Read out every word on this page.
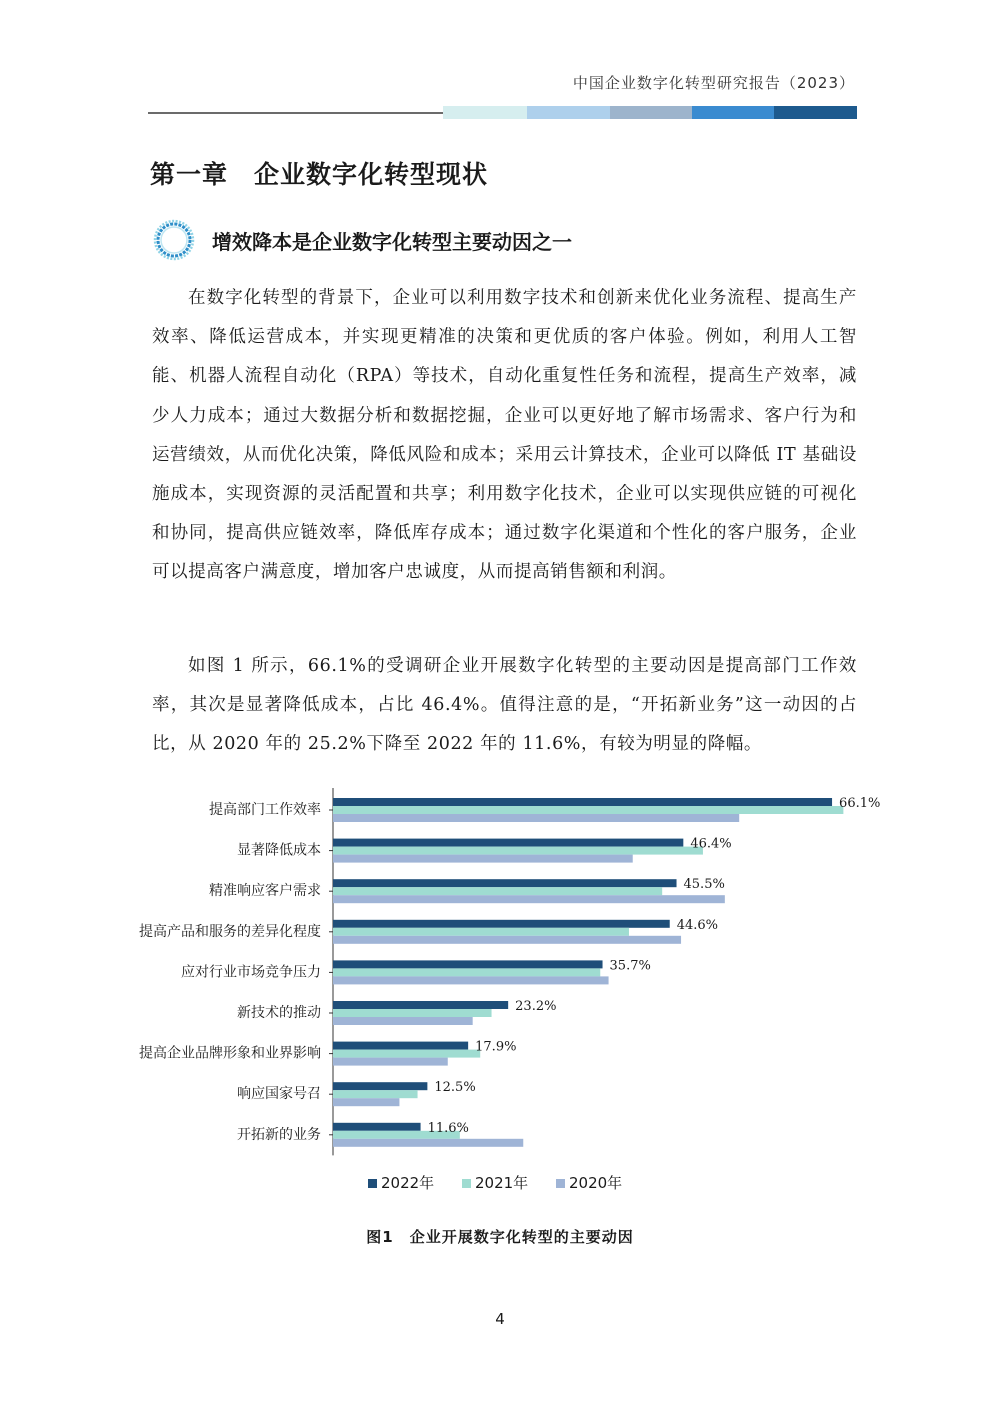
中国企业数字化转型研究报告（2023）
第一章　企业数字化转型现状
增效降本是企业数字化转型主要动因之一
在数字化转型的背景下，企业可以利用数字技术和创新来优化业务流程、提高生产效率、降低运营成本，并实现更精准的决策和更优质的客户体验。例如，利用人工智能、机器人流程自动化（RPA）等技术，自动化重复性任务和流程，提高生产效率，减少人力成本；通过大数据分析和数据挖掘，企业可以更好地了解市场需求、客户行为和运营绩效，从而优化决策，降低风险和成本；采用云计算技术，企业可以降低 IT 基础设施成本，实现资源的灵活配置和共享；利用数字化技术，企业可以实现供应链的可视化和协同，提高供应链效率，降低库存成本；通过数字化渠道和个性化的客户服务，企业可以提高客户满意度，增加客户忠诚度，从而提高销售额和利润。
如图 1 所示，66.1%的受调研企业开展数字化转型的主要动因是提高部门工作效率，其次是显著降低成本，占比 46.4%。值得注意的是，“开拓新业务”这一动因的占比，从 2020 年的 25.2%下降至 2022 年的 11.6%，有较为明显的降幅。
提高部门工作效率	66.1%
显著降低成本	46.4%
精准响应客户需求	45.5%
提高产品和服务的差异化程度	44.6%
应对行业市场竞争压力	35.7%
新技术的推动	23.2%
提高企业品牌形象和业界影响	17.9%
响应国家号召	12.5%
开拓新的业务	11.6%
2022年	2021年	2020年
图1　企业开展数字化转型的主要动因
4
